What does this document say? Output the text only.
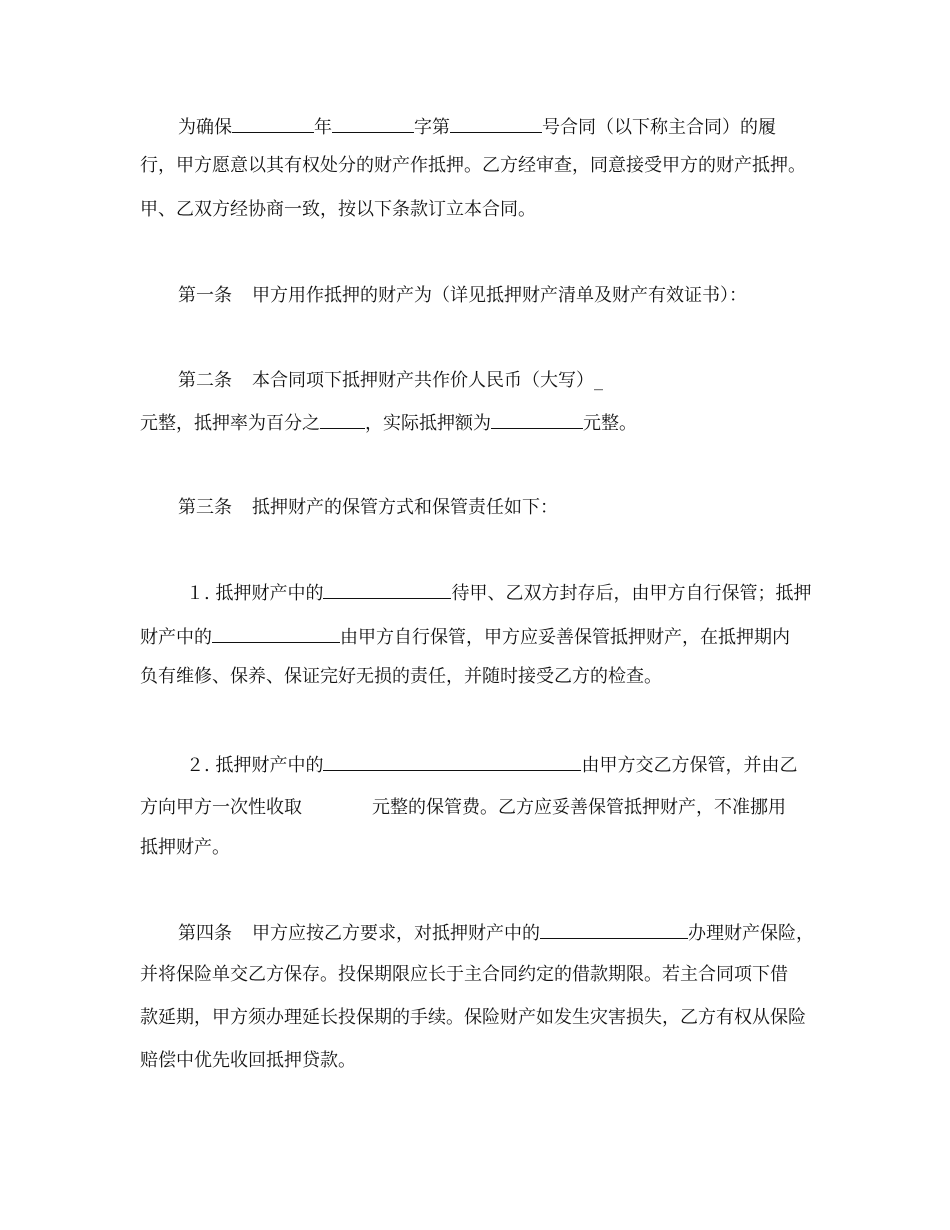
为确保	年	字第	号合同（以下称主合同）的履
行，甲方愿意以其有权处分的财产作抵押。乙方经审查，同意接受甲方的财产抵押。
甲、乙双方经协商一致，按以下条款订立本合同。
第一条 甲方用作抵押的财产为（详见抵押财产清单及财产有效证书）：
第二条 本合同项下抵押财产共作价人民币（大写）_
元整，抵押率为百分之	，实际抵押额为	元整。
第三条 抵押财产的保管方式和保管责任如下：
１. 抵押财产中的	待甲、乙双方封存后，由甲方自行保管；抵押
财产中的	由甲方自行保管，甲方应妥善保管抵押财产，在抵押期内
负有维修、保养、保证完好无损的责任，并随时接受乙方的检查。
２. 抵押财产中的	由甲方交乙方保管，并由乙
方向甲方一次性收取	元整的保管费。乙方应妥善保管抵押财产，不准挪用
抵押财产。
第四条 甲方应按乙方要求，对抵押财产中的	办理财产保险，
并将保险单交乙方保存。投保期限应长于主合同约定的借款期限。若主合同项下借
款延期，甲方须办理延长投保期的手续。保险财产如发生灾害损失，乙方有权从保险
赔偿中优先收回抵押贷款。
